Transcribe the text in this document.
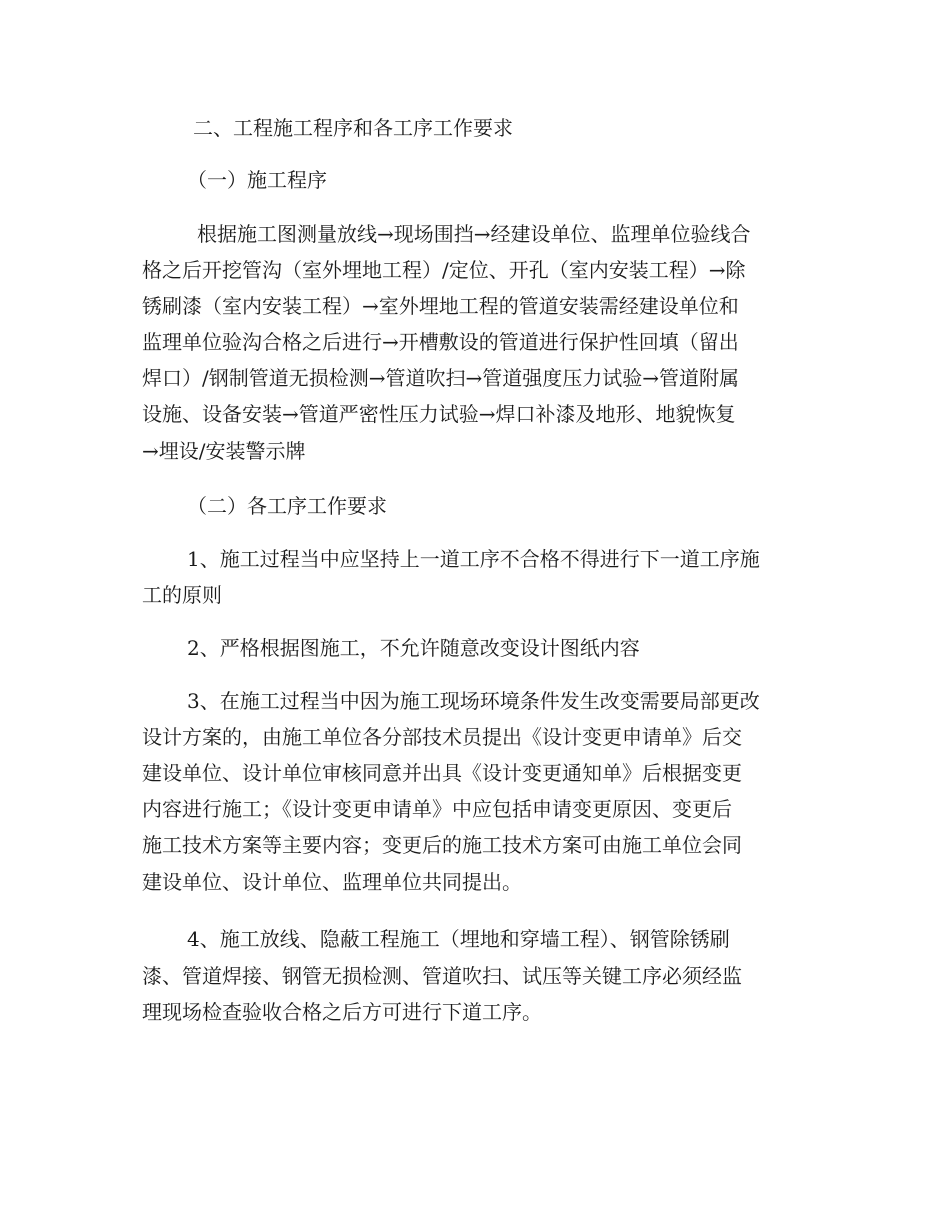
二、工程施工程序和各工序工作要求
（一）施工程序
根据施工图测量放线→现场围挡→经建设单位、监理单位验线合
格之后开挖管沟（室外埋地工程）/定位、开孔（室内安装工程）→除
锈刷漆（室内安装工程）→室外埋地工程的管道安装需经建设单位和
监理单位验沟合格之后进行→开槽敷设的管道进行保护性回填（留出
焊口）/钢制管道无损检测→管道吹扫→管道强度压力试验→管道附属
设施、设备安装→管道严密性压力试验→焊口补漆及地形、地貌恢复
→埋设/安装警示牌
（二）各工序工作要求
1、施工过程当中应坚持上一道工序不合格不得进行下一道工序施
工的原则
2、严格根据图施工，不允许随意改变设计图纸内容
3、在施工过程当中因为施工现场环境条件发生改变需要局部更改
设计方案的，由施工单位各分部技术员提出《设计变更申请单》后交
建设单位、设计单位审核同意并出具《设计变更通知单》后根据变更
内容进行施工；《设计变更申请单》中应包括申请变更原因、变更后
施工技术方案等主要内容；变更后的施工技术方案可由施工单位会同
建设单位、设计单位、监理单位共同提出。
4、施工放线、隐蔽工程施工（埋地和穿墙工程）、钢管除锈刷
漆、管道焊接、钢管无损检测、管道吹扫、试压等关键工序必须经监
理现场检查验收合格之后方可进行下道工序。
